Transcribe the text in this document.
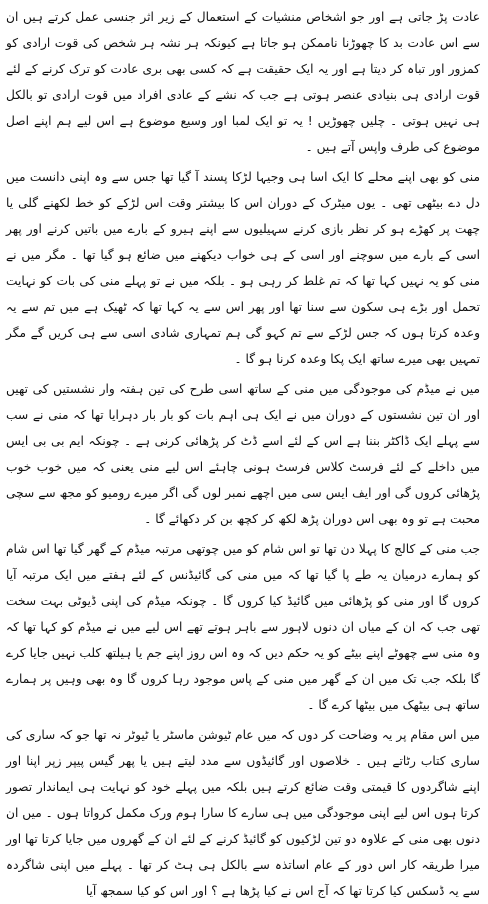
عادت پڑ جاتی ہے اور جو اشخاص منشیات کے استعمال کے زیر اثر جنسی عمل کرتے ہیں ان سے اس عادت بد کا چھوڑنا ناممکن ہو جاتا ہے کیونکہ ہر نشہ ہر شخص کی قوت ارادی کو کمزور اور تباہ کر دیتا ہے اور یہ ایک حقیقت ہے کہ کسی بھی بری عادت کو ترک کرنے کے لئے قوت ارادی ہی بنیادی عنصر ہوتی ہے جب کہ نشے کے عادی افراد میں قوت ارادی تو بالکل ہی نہیں ہوتی ۔ چلیں چھوڑیں ! یہ تو ایک لمبا اور وسیع موضوع ہے اس لیے ہم اپنے اصل موضوع کی طرف واپس آتے ہیں ۔

منی کو بھی اپنے محلے کا ایک اسا ہی وجیہا لڑکا پسند آ گیا تھا جس سے وہ اپنی دانست میں دل دے بیٹھی تھی ۔ یوں میٹرک کے دوران اس کا بیشتر وقت اس لڑکے کو خط لکھنے گلی یا چھت پر کھڑے ہو کر نظر بازی کرنے سہیلیوں سے اپنے ہیرو کے بارے میں باتیں کرنے اور پھر اسی کے بارے میں سوچنے اور اسی کے ہی خواب دیکھنے میں ضائع ہو گیا تھا ۔ مگر میں نے منی کو یہ نہیں کہا تھا کہ تم غلط کر رہی ہو ۔ بلکہ میں نے تو پہلے منی کی بات کو نہایت تحمل اور بڑے ہی سکون سے سنا تھا اور پھر اس سے یہ کہا تھا کہ ٹھیک ہے میں تم سے یہ وعدہ کرتا ہوں کہ جس لڑکے سے تم کہو گی ہم تمہاری شادی اسی سے ہی کریں گے مگر تمہیں بھی میرے ساتھ ایک پکا وعدہ کرنا ہو گا ۔

میں نے میڈم کی موجودگی میں منی کے ساتھ اسی طرح کی تین ہفتہ وار نشستیں کی تھیں اور ان تین نشستوں کے دوران میں نے ایک ہی اہم بات کو بار بار دہرایا تھا کہ منی نے سب سے پہلے ایک ڈاکٹر بننا ہے اس کے لئے اسے ڈٹ کر پڑھائی کرنی ہے ۔ چونکہ ایم بی بی ایس میں داخلے کے لئے فرسٹ کلاس فرسٹ ہونی چاہئے اس لیے منی یعنی کہ میں خوب خوب پڑھائی کروں گی اور ایف ایس سی میں اچھے نمبر لوں گی اگر میرے رومیو کو مجھ سے سچی محبت ہے تو وہ بھی اس دوران پڑھ لکھ کر کچھ بن کر دکھائے گا ۔

جب منی کے کالج کا پہلا دن تھا تو اس شام کو میں چوتھی مرتبہ میڈم کے گھر گیا تھا اس شام کو ہمارے درمیان یہ طے پا گیا تھا کہ میں منی کی گائیڈنس کے لئے ہفتے میں ایک مرتبہ آیا کروں گا اور منی کو پڑھائی میں گائیڈ کیا کروں گا ۔ چونکہ میڈم کی اپنی ڈیوٹی بہت سخت تھی جب کہ ان کے میاں ان دنوں لاہور سے باہر ہوتے تھے اس لیے میں نے میڈم کو کہا تھا کہ وہ منی سے چھوٹے اپنے بیٹے کو یہ حکم دیں کہ وہ اس روز اپنے جم یا ہیلتھ کلب نہیں جایا کرے گا بلکہ جب تک میں ان کے گھر میں منی کے پاس موجود رہا کروں گا وہ بھی وہیں پر ہمارے ساتھ ہی بیٹھک میں بیٹھا کرے گا ۔

میں اس مقام پر یہ وضاحت کر دوں کہ میں عام ٹیوشن ماسٹر یا ٹیوٹر نہ تھا جو کہ ساری کی ساری کتاب رٹاتے ہیں ۔ خلاصوں اور گائیڈوں سے مدد لیتے ہیں یا پھر گیس پیپر زپر اپنا اور اپنے شاگردوں کا قیمتی وقت ضائع کرتے ہیں بلکہ میں پہلے خود کو نہایت ہی ایماندار تصور کرتا ہوں اس لیے اپنی موجودگی میں ہی سارے کا سارا ہوم ورک مکمل کرواتا ہوں ۔ میں ان دنوں بھی منی کے علاوہ دو تین لڑکیوں کو گائیڈ کرنے کے لئے ان کے گھروں میں جایا کرتا تھا اور میرا طریقہ کار اس دور کے عام اساتذہ سے بالکل ہی ہٹ کر تھا ۔ پہلے میں اپنی شاگردہ سے یہ ڈسکس کیا کرتا تھا کہ آج اس نے کیا پڑھا ہے ؟ اور اس کو کیا سمجھ آیا
